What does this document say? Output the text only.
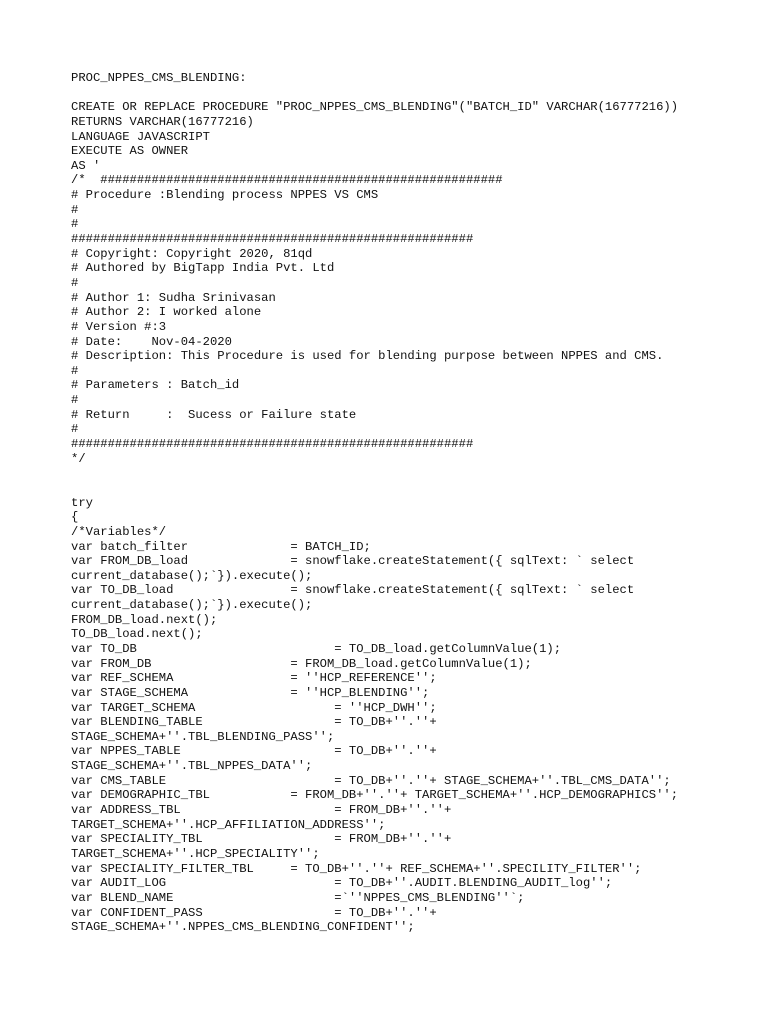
PROC_NPPES_CMS_BLENDING:
CREATE OR REPLACE PROCEDURE "PROC_NPPES_CMS_BLENDING"("BATCH_ID" VARCHAR(16777216))
RETURNS VARCHAR(16777216)
LANGUAGE JAVASCRIPT
EXECUTE AS OWNER
AS '
/*  #######################################################
# Procedure :Blending process NPPES VS CMS
#
#
#######################################################
# Copyright: Copyright 2020, 81qd
# Authored by BigTapp India Pvt. Ltd
#
# Author 1: Sudha Srinivasan
# Author 2: I worked alone
# Version #:3
# Date:    Nov-04-2020
# Description: This Procedure is used for blending purpose between NPPES and CMS.
#
# Parameters : Batch_id
#
# Return     :  Sucess or Failure state
#
#######################################################
*/
try
{
/*Variables*/
var batch_filter              = BATCH_ID;
var FROM_DB_load              = snowflake.createStatement({ sqlText: ` select
current_database();`}).execute();
var TO_DB_load                = snowflake.createStatement({ sqlText: ` select
current_database();`}).execute();
FROM_DB_load.next();
TO_DB_load.next();
var TO_DB                           = TO_DB_load.getColumnValue(1);
var FROM_DB                   = FROM_DB_load.getColumnValue(1);
var REF_SCHEMA                = ''HCP_REFERENCE'';
var STAGE_SCHEMA              = ''HCP_BLENDING'';
var TARGET_SCHEMA                   = ''HCP_DWH'';
var BLENDING_TABLE                  = TO_DB+''.''+
STAGE_SCHEMA+''.TBL_BLENDING_PASS'';
var NPPES_TABLE                     = TO_DB+''.''+
STAGE_SCHEMA+''.TBL_NPPES_DATA'';
var CMS_TABLE                       = TO_DB+''.''+ STAGE_SCHEMA+''.TBL_CMS_DATA'';
var DEMOGRAPHIC_TBL           = FROM_DB+''.''+ TARGET_SCHEMA+''.HCP_DEMOGRAPHICS'';
var ADDRESS_TBL                     = FROM_DB+''.''+
TARGET_SCHEMA+''.HCP_AFFILIATION_ADDRESS'';
var SPECIALITY_TBL                  = FROM_DB+''.''+
TARGET_SCHEMA+''.HCP_SPECIALITY'';
var SPECIALITY_FILTER_TBL     = TO_DB+''.''+ REF_SCHEMA+''.SPECILITY_FILTER'';
var AUDIT_LOG                       = TO_DB+''.AUDIT.BLENDING_AUDIT_log'';
var BLEND_NAME                      =`''NPPES_CMS_BLENDING''`;
var CONFIDENT_PASS                  = TO_DB+''.''+
STAGE_SCHEMA+''.NPPES_CMS_BLENDING_CONFIDENT'';
